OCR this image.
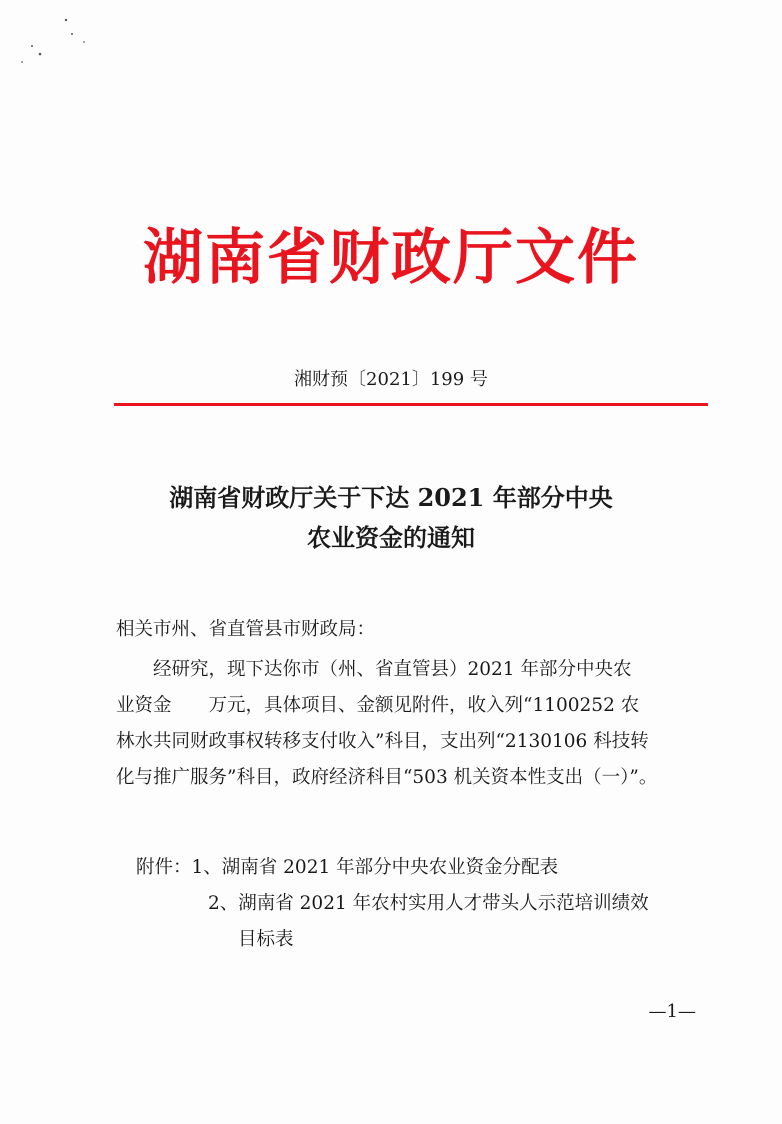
湖南省财政厅文件
湘财预〔2021〕199 号
湖南省财政厅关于下达 2021 年部分中央
农业资金的通知
相关市州、省直管县市财政局：
经研究，现下达你市（州、省直管县）2021 年部分中央农
业资金　　万元，具体项目、金额见附件，收入列“1100252 农
林水共同财政事权转移支付收入”科目，支出列“2130106 科技转
化与推广服务”科目，政府经济科目“503 机关资本性支出（一）”。
附件：1、湖南省 2021 年部分中央农业资金分配表
2、湖南省 2021 年农村实用人才带头人示范培训绩效
目标表
—1—
